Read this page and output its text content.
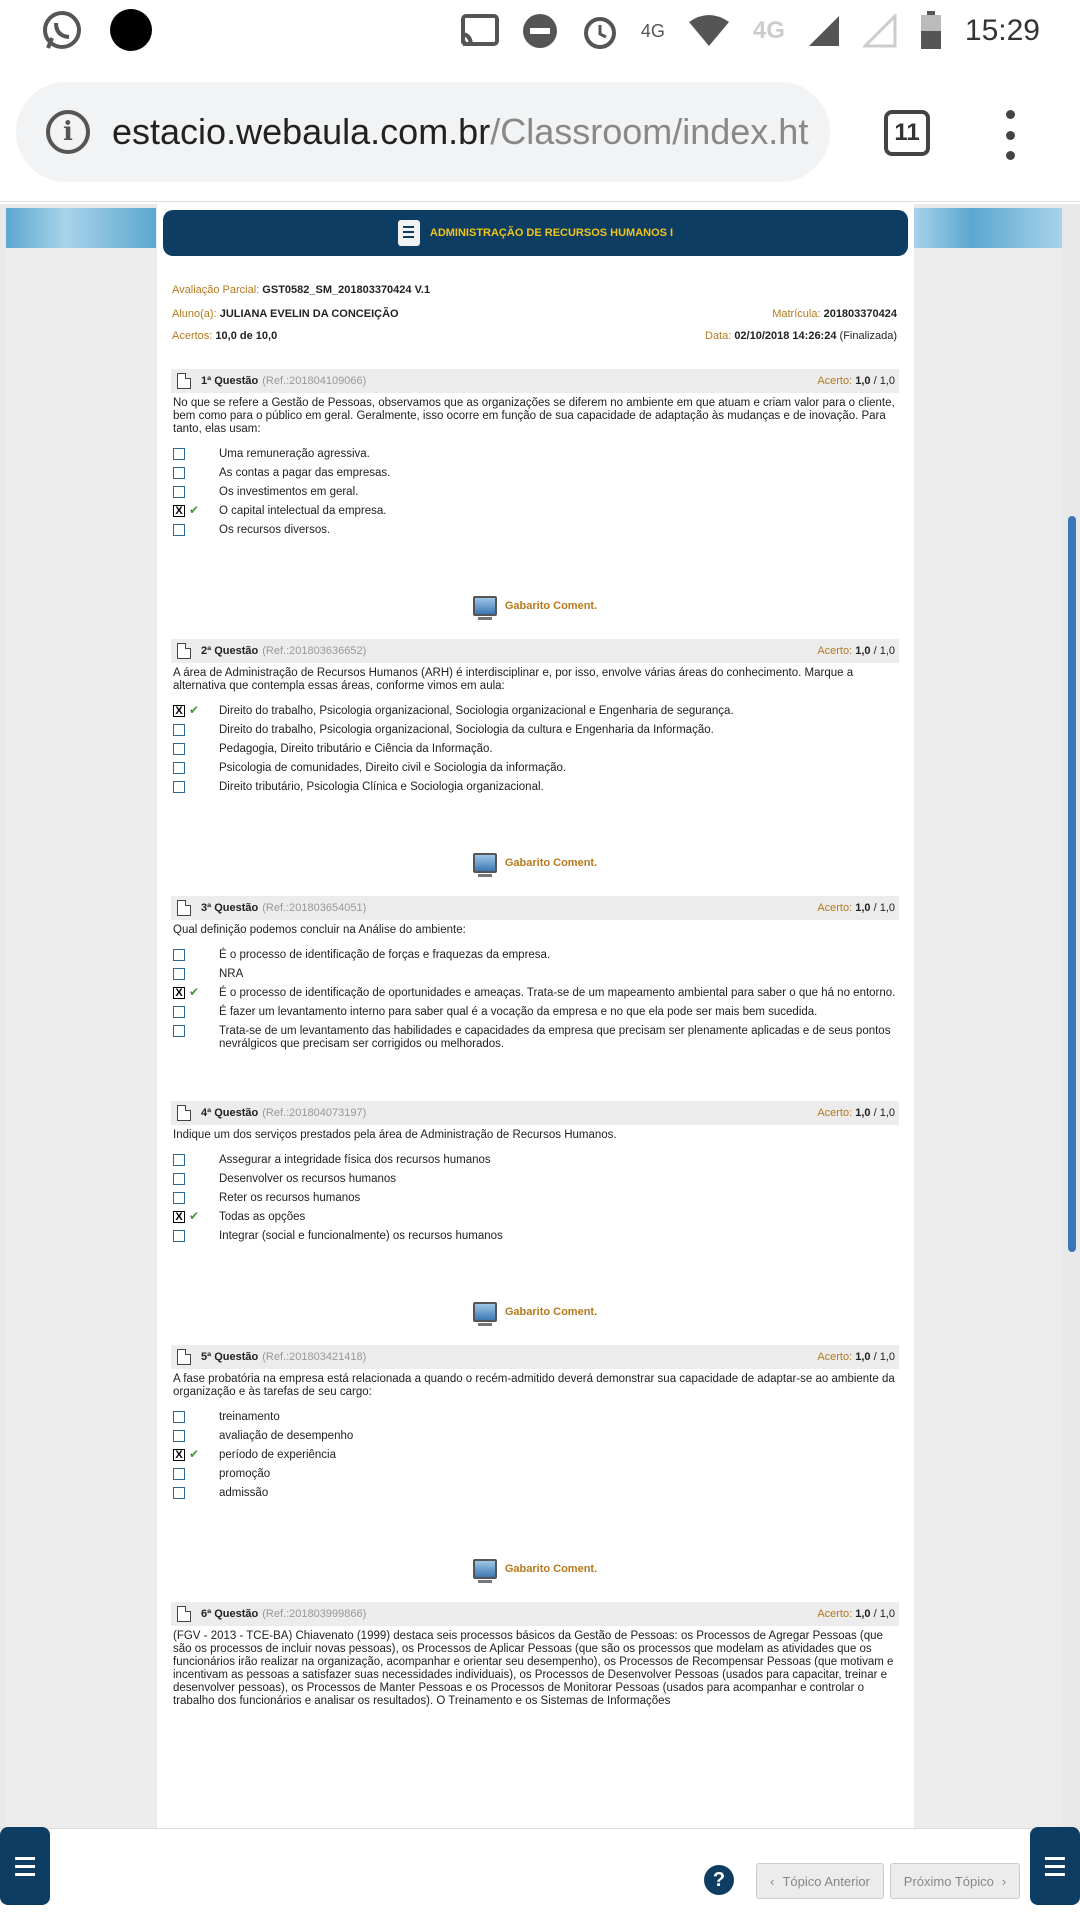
4G	4G	15:29
i	estacio.webaula.com.br/Classroom/index.ht	11
ADMINISTRAÇÃO DE RECURSOS HUMANOS I
Avaliação Parcial: GST0582_SM_201803370424 V.1
Aluno(a): JULIANA EVELIN DA CONCEIÇÃO	Matrícula: 201803370424
Acertos: 10,0 de 10,0	Data: 02/10/2018 14:26:24 (Finalizada)
1ª Questão (Ref.:201804109066)	Acerto: 1,0 / 1,0
No que se refere a Gestão de Pessoas, observamos que as organizações se diferem no ambiente em que atuam e criam valor para o cliente, bem como para o público em geral. Geralmente, isso ocorre em função de sua capacidade de adaptação às mudanças e de inovação. Para tanto, elas usam:
Uma remuneração agressiva.
As contas a pagar das empresas.
Os investimentos em geral.
X ✔ O capital intelectual da empresa.
Os recursos diversos.
Gabarito Coment.
2ª Questão (Ref.:201803636652)	Acerto: 1,0 / 1,0
A área de Administração de Recursos Humanos (ARH) é interdisciplinar e, por isso, envolve várias áreas do conhecimento. Marque a alternativa que contempla essas áreas, conforme vimos em aula:
X ✔ Direito do trabalho, Psicologia organizacional, Sociologia organizacional e Engenharia de segurança.
Direito do trabalho, Psicologia organizacional, Sociologia da cultura e Engenharia da Informação.
Pedagogia, Direito tributário e Ciência da Informação.
Psicologia de comunidades, Direito civil e Sociologia da informação.
Direito tributário, Psicologia Clínica e Sociologia organizacional.
Gabarito Coment.
3ª Questão (Ref.:201803654051)	Acerto: 1,0 / 1,0
Qual definição podemos concluir na Análise do ambiente:
É o processo de identificação de forças e fraquezas da empresa.
NRA
X ✔ É o processo de identificação de oportunidades e ameaças. Trata-se de um mapeamento ambiental para saber o que há no entorno.
É fazer um levantamento interno para saber qual é a vocação da empresa e no que ela pode ser mais bem sucedida.
Trata-se de um levantamento das habilidades e capacidades da empresa que precisam ser plenamente aplicadas e de seus pontos nevrálgicos que precisam ser corrigidos ou melhorados.
4ª Questão (Ref.:201804073197)	Acerto: 1,0 / 1,0
Indique um dos serviços prestados pela área de Administração de Recursos Humanos.
Assegurar a integridade física dos recursos humanos
Desenvolver os recursos humanos
Reter os recursos humanos
X ✔ Todas as opções
Integrar (social e funcionalmente) os recursos humanos
Gabarito Coment.
5ª Questão (Ref.:201803421418)	Acerto: 1,0 / 1,0
A fase probatória na empresa está relacionada a quando o recém-admitido deverá demonstrar sua capacidade de adaptar-se ao ambiente da organização e às tarefas de seu cargo:
treinamento
avaliação de desempenho
X ✔ período de experiência
promoção
admissão
Gabarito Coment.
6ª Questão (Ref.:201803999866)	Acerto: 1,0 / 1,0
(FGV - 2013 - TCE-BA) Chiavenato (1999) destaca seis processos básicos da Gestão de Pessoas: os Processos de Agregar Pessoas (que são os processos de incluir novas pessoas), os Processos de Aplicar Pessoas (que são os processos que modelam as atividades que os funcionários irão realizar na organização, acompanhar e orientar seu desempenho), os Processos de Recompensar Pessoas (que motivam e incentivam as pessoas a satisfazer suas necessidades individuais), os Processos de Desenvolver Pessoas (usados para capacitar, treinar e desenvolver pessoas), os Processos de Manter Pessoas e os Processos de Monitorar Pessoas (usados para acompanhar e controlar o trabalho dos funcionários e analisar os resultados). O Treinamento e os Sistemas de Informações
?	‹ Tópico Anterior	Próximo Tópico ›
